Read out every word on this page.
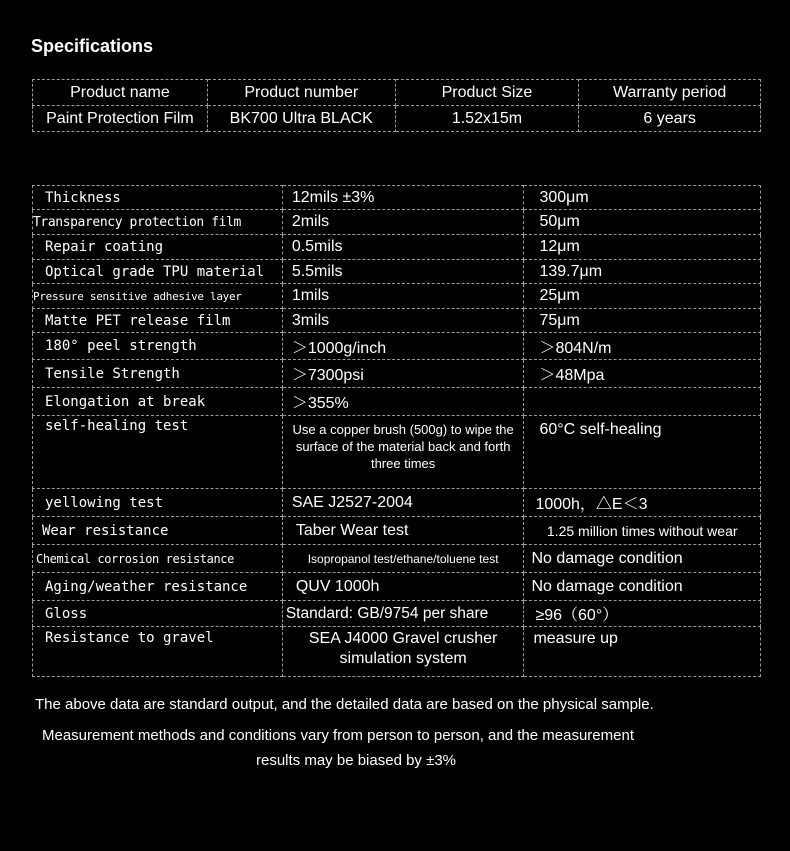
Specifications
Product name	Product number	Product Size	Warranty period
Paint Protection Film	BK700 Ultra BLACK	1.52x15m	6 years
Thickness	12mils ±3%	300μm
Transparency protection film	2mils	50μm
Repair coating	0.5mils	12μm
Optical grade TPU material	5.5mils	139.7μm
Pressure sensitive adhesive layer	1mils	25μm
Matte PET release film	3mils	75μm
180° peel strength	＞1000g/inch	＞804N/m
Tensile Strength	＞7300psi	＞48Mpa
Elongation at break	＞355%	
self-healing test	Use a copper brush (500g) to wipe the surface of the material back and forth three times	60°C self-healing
yellowing test	SAE J2527-2004	1000h，△E＜3
Wear resistance	Taber Wear test	1.25 million times without wear
Chemical corrosion resistance	Isopropanol test/ethane/toluene test	No damage condition
Aging/weather resistance	QUV 1000h	No damage condition
Gloss	Standard: GB/9754 per share	≥96（60°）
Resistance to gravel	SEA J4000 Gravel crusher simulation system	measure up
The above data are standard output, and the detailed data are based on the physical sample.
Measurement methods and conditions vary from person to person, and the measurement
results may be biased by ±3%
